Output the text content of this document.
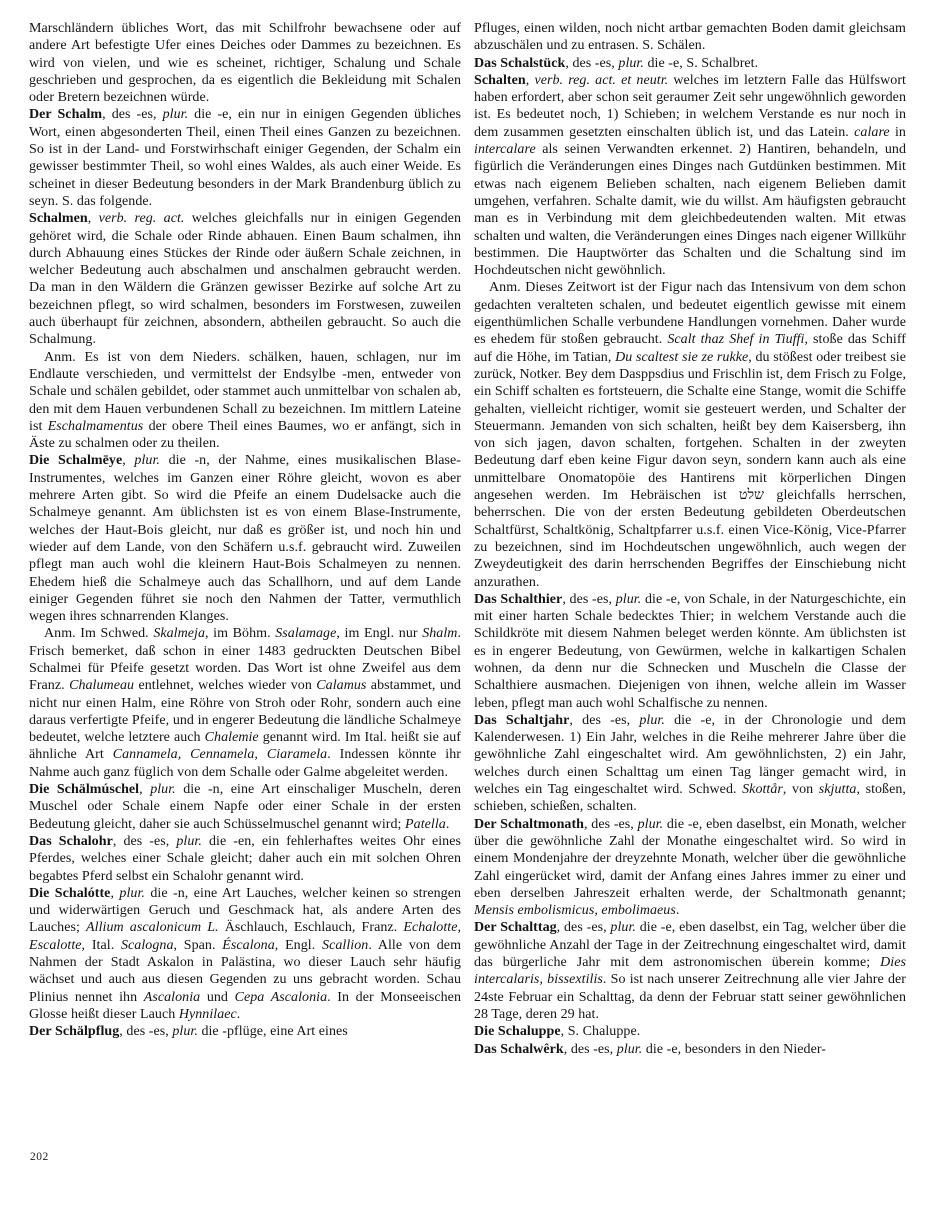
Marschländern übliches Wort, das mit Schilfrohr bewachsene oder auf andere Art befestigte Ufer eines Deiches oder Dammes zu bezeichnen. Es wird von vielen, und wie es scheinet, richtiger, Schalung und Schale geschrieben und gesprochen, da es eigentlich die Bekleidung mit Schalen oder Bretern bezeichnen würde.

Der Schalm, des -es, plur. die -e, ein nur in einigen Gegenden übliches Wort, einen abgesonderten Theil, einen Theil eines Ganzen zu bezeichnen. So ist in der Land- und Forstwirhschaft einiger Gegenden, der Schalm ein gewisser bestimmter Theil, so wohl eines Waldes, als auch einer Weide. Es scheinet in dieser Bedeutung besonders in der Mark Brandenburg üblich zu seyn. S. das folgende.

Schalmen, verb. reg. act. welches gleichfalls nur in einigen Gegenden gehöret wird, die Schale oder Rinde abhauen. Einen Baum schalmen, ihn durch Abhauung eines Stückes der Rinde oder äußern Schale zeichnen, in welcher Bedeutung auch abschalmen und anschalmen gebraucht werden. Da man in den Wäldern die Gränzen gewisser Bezirke auf solche Art zu bezeichnen pflegt, so wird schalmen, besonders im Forstwesen, zuweilen auch überhaupt für zeichnen, absondern, abtheilen gebraucht. So auch die Schalmung.

Anm. Es ist von dem Nieders. schälken, hauen, schlagen, nur im Endlaute verschieden, und vermittelst der Endsylbe -men, entweder von Schale und schälen gebildet, oder stammet auch unmittelbar von schalen ab, den mit dem Hauen verbundenen Schall zu bezeichnen. Im mittlern Lateine ist Eschalmamentus der obere Theil eines Baumes, wo er anfängt, sich in Äste zu schalmen oder zu theilen.

Die Schalmēye, plur. die -n, der Nahme, eines musikalischen Blase-Instrumentes, welches im Ganzen einer Röhre gleicht, wovon es aber mehrere Arten gibt. So wird die Pfeife an einem Dudelsacke auch die Schalmeye genannt. Am üblichsten ist es von einem Blase-Instrumente, welches der Haut-Bois gleicht, nur daß es größer ist, und noch hin und wieder auf dem Lande, von den Schäfern u.s.f. gebraucht wird. Zuweilen pflegt man auch wohl die kleinern Haut-Bois Schalmeyen zu nennen. Ehedem hieß die Schalmeye auch das Schallhorn, und auf dem Lande einiger Gegenden führet sie noch den Nahmen der Tatter, vermuthlich wegen ihres schnarrenden Klanges.

Anm. Im Schwed. Skalmeja, im Böhm. Ssalamage, im Engl. nur Shalm. Frisch bemerket, daß schon in einer 1483 gedruckten Deutschen Bibel Schalmei für Pfeife gesetzt worden. Das Wort ist ohne Zweifel aus dem Franz. Chalumeau entlehnet, welches wieder von Calamus abstammet, und nicht nur einen Halm, eine Röhre von Stroh oder Rohr, sondern auch eine daraus verfertigte Pfeife, und in engerer Bedeutung die ländliche Schalmeye bedeutet, welche letztere auch Chalemie genannt wird. Im Ital. heißt sie auf ähnliche Art Cannamela, Cennamela, Ciaramela. Indessen könnte ihr Nahme auch ganz füglich von dem Schalle oder Galme abgeleitet werden.

Die Schälmúschel, plur. die -n, eine Art einschaliger Muscheln, deren Muschel oder Schale einem Napfe oder einer Schale in der ersten Bedeutung gleicht, daher sie auch Schüsselmuschel genannt wird; Patella.

Das Schalohr, des -es, plur. die -en, ein fehlerhaftes weites Ohr eines Pferdes, welches einer Schale gleicht; daher auch ein mit solchen Ohren begabtes Pferd selbst ein Schalohr genannt wird.

Die Schalótte, plur. die -n, eine Art Lauches, welcher keinen so strengen und widerwärtigen Geruch und Geschmack hat, als andere Arten des Lauches; Allium ascalonicum L. Äschlauch, Eschlauch, Franz. Echalotte, Escalotte, Ital. Scalogna, Span. Éscalona, Engl. Scallion. Alle von dem Nahmen der Stadt Askalon in Palästina, wo dieser Lauch sehr häufig wächset und auch aus diesen Gegenden zu uns gebracht worden. Schau Plinius nennet ihn Ascalonia und Cepa Ascalonia. In der Monseeischen Glosse heißt dieser Lauch Hynnilaec.

Der Schälpflug, des -es, plur. die -pflüge, eine Art eines

Pfluges, einen wilden, noch nicht artbar gemachten Boden damit gleichsam abzuschälen und zu entrasen. S. Schälen.

Das Schalstück, des -es, plur. die -e, S. Schalbret.

Schalten, verb. reg. act. et neutr. welches im letztern Falle das Hülfswort haben erfordert, aber schon seit geraumer Zeit sehr ungewöhnlich geworden ist. Es bedeutet noch, 1) Schieben; in welchem Verstande es nur noch in dem zusammen gesetzten einschalten üblich ist, und das Latein. calare in intercalare als seinen Verwandten erkennet. 2) Hantiren, behandeln, und figürlich die Veränderungen eines Dinges nach Gutdünken bestimmen. Mit etwas nach eigenem Belieben schalten, nach eigenem Belieben damit umgehen, verfahren. Schalte damit, wie du willst. Am häufigsten gebraucht man es in Verbindung mit dem gleichbedeutenden walten. Mit etwas schalten und walten, die Veränderungen eines Dinges nach eigener Willkühr bestimmen. Die Hauptwörter das Schalten und die Schaltung sind im Hochdeutschen nicht gewöhnlich.

Anm. Dieses Zeitwort ist der Figur nach das Intensivum von dem schon gedachten veralteten schalen, und bedeutet eigentlich gewisse mit einem eigenthümlichen Schalle verbundene Handlungen vornehmen. Daher wurde es ehedem für stoßen gebraucht. Scalt thaz Shef in Tiuffi, stoße das Schiff auf die Höhe, im Tatian, Du scaltest sie ze rukke, du stößest oder treibest sie zurück, Notker. Bey dem Dasppsdius und Frischlin ist, dem Frisch zu Folge, ein Schiff schalten es fortsteuern, die Schalte eine Stange, womit die Schiffe gehalten, vielleicht richtiger, womit sie gesteuert werden, und Schalter der Steuermann. Jemanden von sich schalten, heißt bey dem Kaisersberg, ihn von sich jagen, davon schalten, fortgehen. Schalten in der zweyten Bedeutung darf eben keine Figur davon seyn, sondern kann auch als eine unmittelbare Onomatopöie des Hantirens mit körperlichen Dingen angesehen werden. Im Hebräischen ist שלט gleichfalls herrschen, beherrschen. Die von der ersten Bedeutung gebildeten Oberdeutschen Schaltfürst, Schaltkönig, Schaltpfarrer u.s.f. einen Vice-König, Vice-Pfarrer zu bezeichnen, sind im Hochdeutschen ungewöhnlich, auch wegen der Zweydeutigkeit des darin herrschenden Begriffes der Einschiebung nicht anzurathen.

Das Schalthier, des -es, plur. die -e, von Schale, in der Naturgeschichte, ein mit einer harten Schale bedecktes Thier; in welchem Verstande auch die Schildkröte mit diesem Nahmen beleget werden könnte. Am üblichsten ist es in engerer Bedeutung, von Gewürmen, welche in kalkartigen Schalen wohnen, da denn nur die Schnecken und Muscheln die Classe der Schalthiere ausmachen. Diejenigen von ihnen, welche allein im Wasser leben, pflegt man auch wohl Schalfische zu nennen.

Das Schaltjahr, des -es, plur. die -e, in der Chronologie und dem Kalenderwesen. 1) Ein Jahr, welches in die Reihe mehrerer Jahre über die gewöhnliche Zahl eingeschaltet wird. Am gewöhnlichsten, 2) ein Jahr, welches durch einen Schalttag um einen Tag länger gemacht wird, in welches ein Tag eingeschaltet wird. Schwed. Skottår, von skjutta, stoßen, schieben, schießen, schalten.

Der Schaltmonath, des -es, plur. die -e, eben daselbst, ein Monath, welcher über die gewöhnliche Zahl der Monathe eingeschaltet wird. So wird in einem Mondenjahre der dreyzehnte Monath, welcher über die gewöhnliche Zahl eingerücket wird, damit der Anfang eines Jahres immer zu einer und eben derselben Jahreszeit erhalten werde, der Schaltmonath genannt; Mensis embolismicus, embolimaeus.

Der Schalttag, des -es, plur. die -e, eben daselbst, ein Tag, welcher über die gewöhnliche Anzahl der Tage in der Zeitrechnung eingeschaltet wird, damit das bürgerliche Jahr mit dem astronomischen überein komme; Dies intercalaris, bissextilis. So ist nach unserer Zeitrechnung alle vier Jahre der 24ste Februar ein Schalttag, da denn der Februar statt seiner gewöhnlichen 28 Tage, deren 29 hat.

Die Schaluppe, S. Chaluppe.

Das Schalwêrk, des -es, plur. die -e, besonders in den Nieder-

202
